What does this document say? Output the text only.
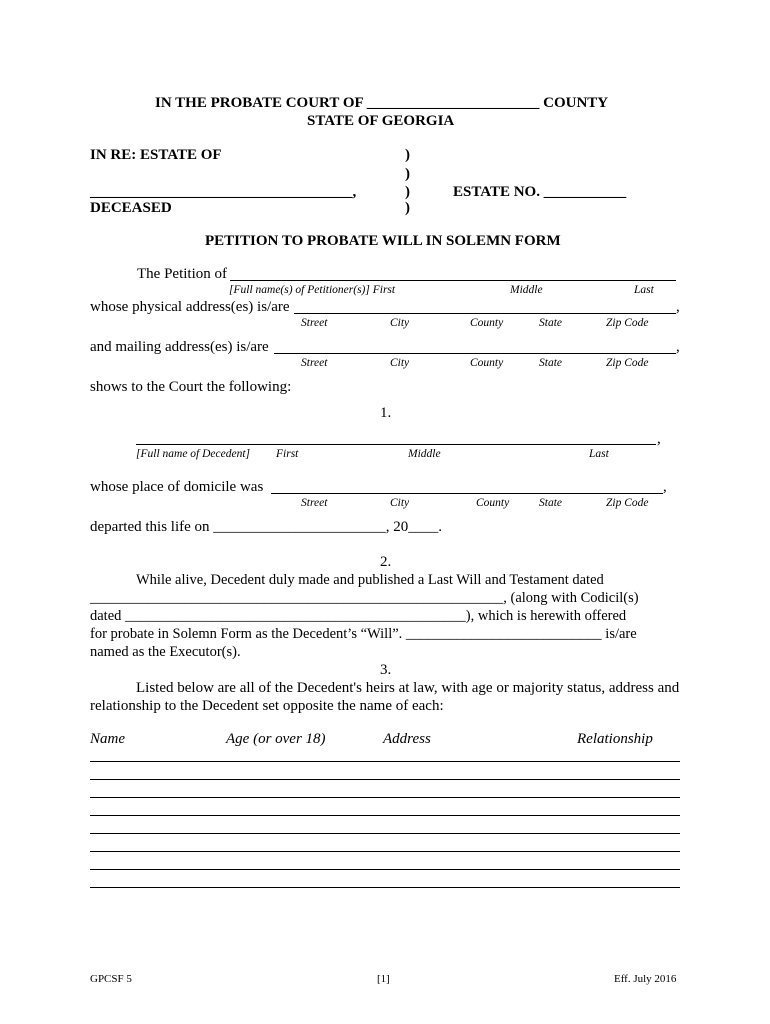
IN THE PROBATE COURT OF _______________________ COUNTY
STATE OF GEORGIA
IN RE: ESTATE OF	)
)
___________________________________,	)	ESTATE NO. ___________
DECEASED	)
PETITION TO PROBATE WILL IN SOLEMN FORM
The Petition of
[Full name(s) of Petitioner(s)] First	Middle	Last
whose physical address(es) is/are	,
Street	City	County	State	Zip Code
and mailing address(es) is/are	,
Street	City	County	State	Zip Code
shows to the Court the following:
1.
,
[Full name of Decedent] First	Middle	Last
whose place of domicile was	,
Street	City	County	State	Zip Code
departed this life on _______________________, 20____.
2.
While alive, Decedent duly made and published a Last Will and Testament dated
_________________________________________________________, (along with Codicil(s)
dated _______________________________________________), which is herewith offered
for probate in Solemn Form as the Decedent’s “Will”. ___________________________ is/are
named as the Executor(s).
3.
Listed below are all of the Decedent's heirs at law, with age or majority status, address and
relationship to the Decedent set opposite the name of each:
Name	Age (or over 18)	Address	Relationship
GPCSF 5	[1]	Eff. July 2016
